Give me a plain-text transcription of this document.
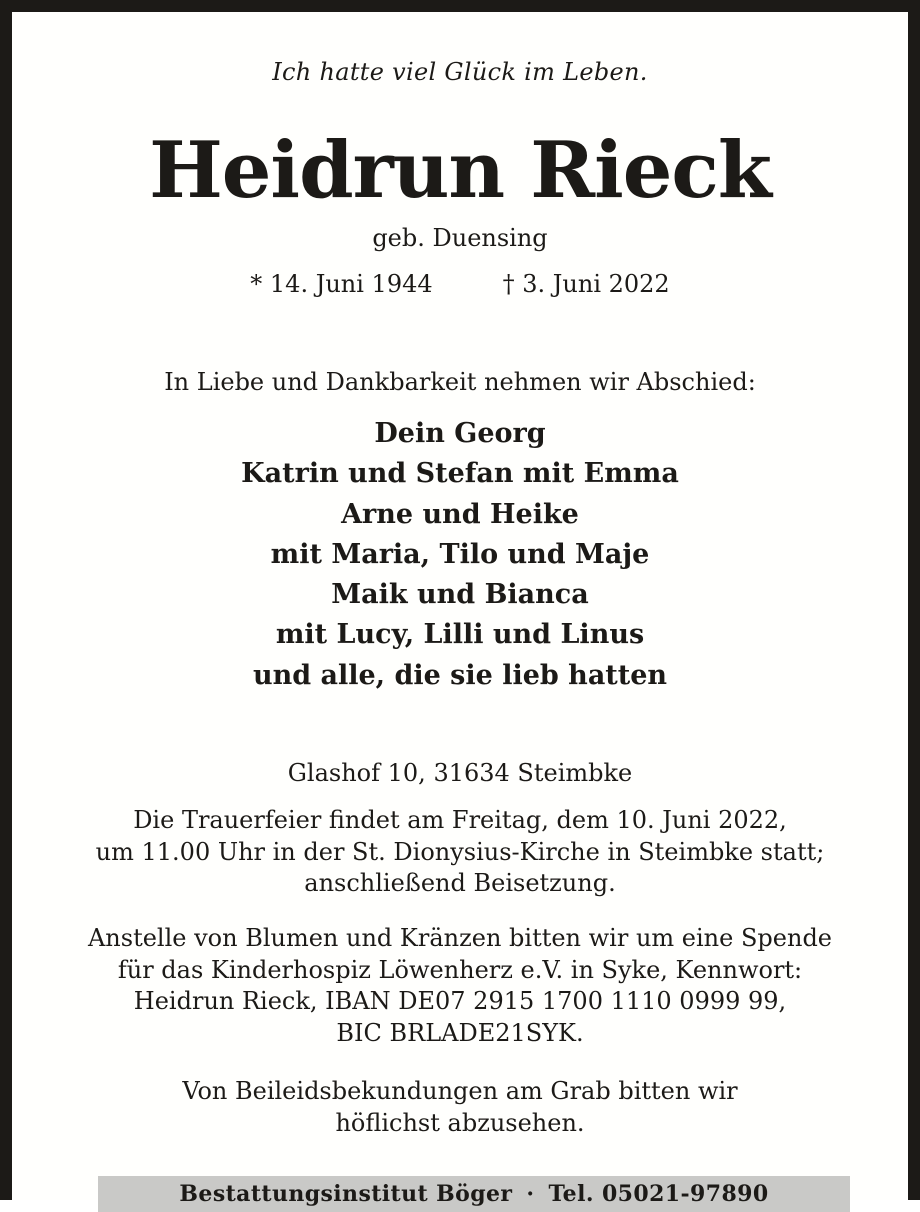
Ich hatte viel Glück im Leben.
Heidrun Rieck
geb. Duensing
* 14. Juni 1944	† 3. Juni 2022
In Liebe und Dankbarkeit nehmen wir Abschied:
Dein Georg
Katrin und Stefan mit Emma
Arne und Heike
mit Maria, Tilo und Maje
Maik und Bianca
mit Lucy, Lilli und Linus
und alle, die sie lieb hatten
Glashof 10, 31634 Steimbke
Die Trauerfeier findet am Freitag, dem 10. Juni 2022,
um 11.00 Uhr in der St. Dionysius-Kirche in Steimbke statt;
anschließend Beisetzung.
Anstelle von Blumen und Kränzen bitten wir um eine Spende
für das Kinderhospiz Löwenherz e.V. in Syke, Kennwort:
Heidrun Rieck, IBAN DE07 2915 1700 1110 0999 99,
BIC BRLADE21SYK.
Von Beileidsbekundungen am Grab bitten wir
höflichst abzusehen.
Bestattungsinstitut Böger · Tel. 05021-97890
